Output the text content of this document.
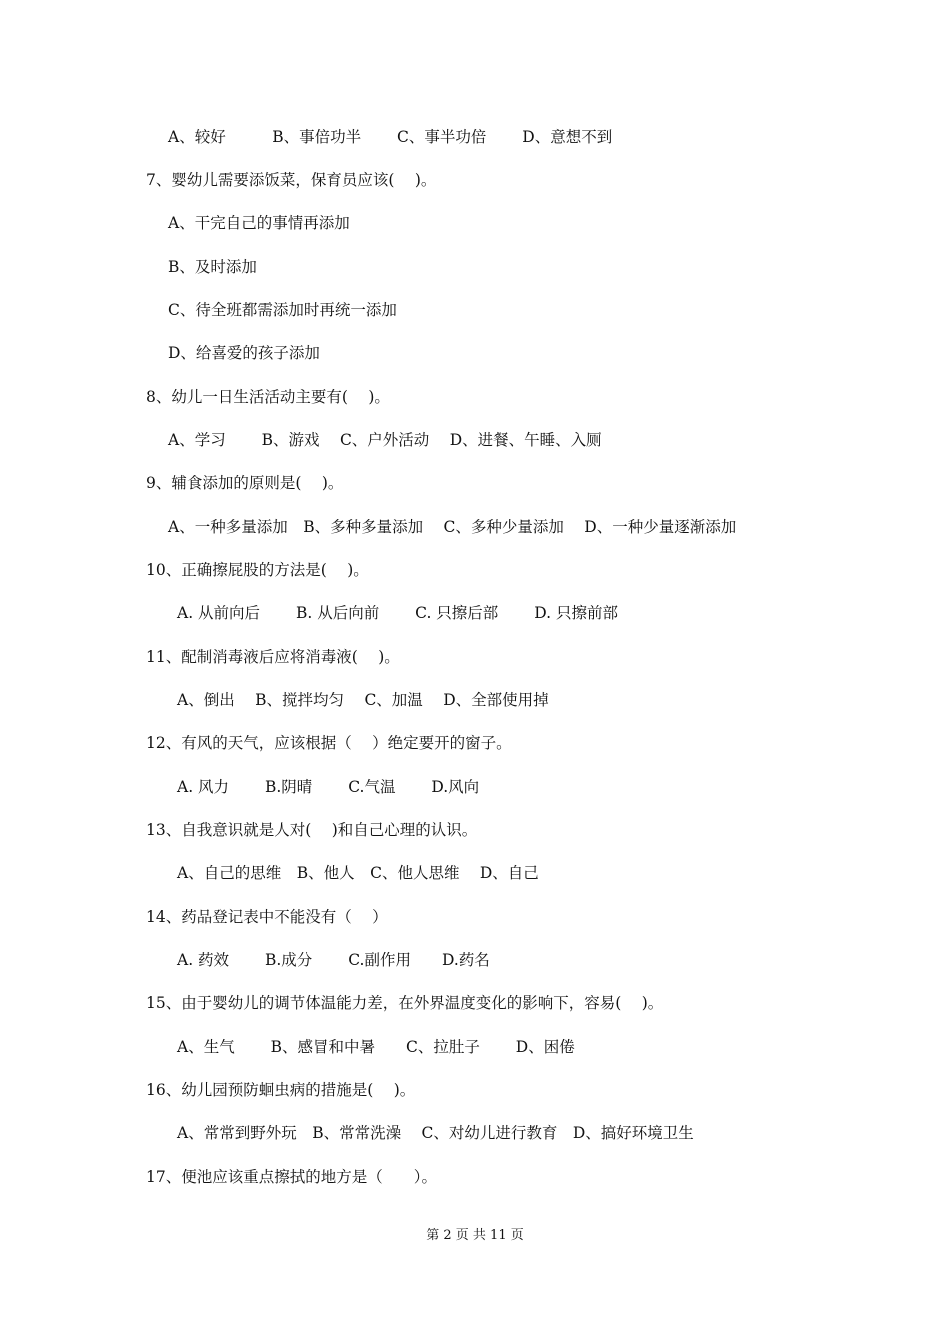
A、较好　　　B、事倍功半　　 C、事半功倍　　 D、意想不到
7、婴幼儿需要添饭菜，保育员应该(　 )。
A、干完自己的事情再添加
B、及时添加
C、待全班都需添加时再统一添加
D、给喜爱的孩子添加
8、幼儿一日生活活动主要有(　 )。
A、学习　　 B、游戏　 C、户外活动　 D、进餐、午睡、入厕
9、辅食添加的原则是(　 )。
A、一种多量添加　B、多种多量添加　 C、多种少量添加　 D、一种少量逐渐添加
10、正确擦屁股的方法是(　 )。
A. 从前向后　　 B. 从后向前　　 C. 只擦后部　　 D. 只擦前部
11、配制消毒液后应将消毒液(　 )。
A、倒出　 B、搅拌均匀　 C、加温　 D、全部使用掉
12、有风的天气，应该根据（　 ）绝定要开的窗子。
A. 风力　　 B.阴晴　　 C.气温　　 D.风向
13、自我意识就是人对(　 )和自己心理的认识。
A、自己的思维　B、他人　C、他人思维　 D、自己
14、药品登记表中不能没有（　 ）
A. 药效　　 B.成分　　 C.副作用　　D.药名
15、由于婴幼儿的调节体温能力差，在外界温度变化的影响下，容易(　 )。
A、生气　　 B、感冒和中暑　　C、拉肚子　　 D、困倦
16、幼儿园预防蛔虫病的措施是(　 )。
A、常常到野外玩　B、常常洗澡　 C、对幼儿进行教育　D、搞好环境卫生
17、便池应该重点擦拭的地方是（　　）。
第 2 页 共 11 页
